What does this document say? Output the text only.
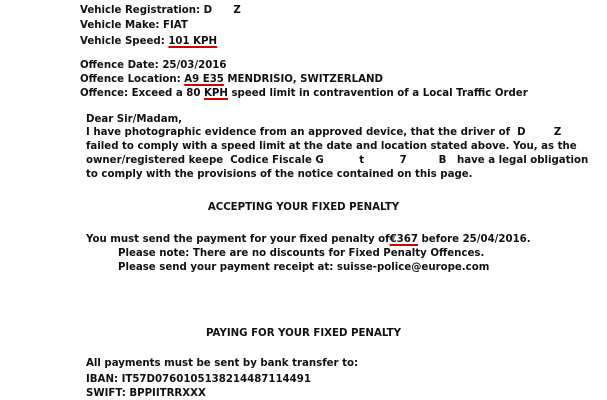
Vehicle Registration: D      Z
Vehicle Make: FIAT
Vehicle Speed: 101 KPH
Offence Date: 25/03/2016
Offence Location: A9 E35 MENDRISIO, SWITZERLAND
Offence: Exceed a 80 KPH speed limit in contravention of a Local Traffic Order
Dear Sir/Madam,
I have photographic evidence from an approved device, that the driver of  D        Z
failed to comply with a speed limit at the date and location stated above. You, as the
owner/registered keepe  Codice Fiscale G          t          7         B   have a legal obligation
to comply with the provisions of the notice contained on this page.
ACCEPTING YOUR FIXED PENALTY
You must send the payment for your fixed penalty of€367 before 25/04/2016.
Please note: There are no discounts for Fixed Penalty Offences.
Please send your payment receipt at: suisse-police@europe.com
PAYING FOR YOUR FIXED PENALTY
All payments must be sent by bank transfer to:
IBAN: IT57D0760105138214487114491
SWIFT: BPPIITRRXXX
